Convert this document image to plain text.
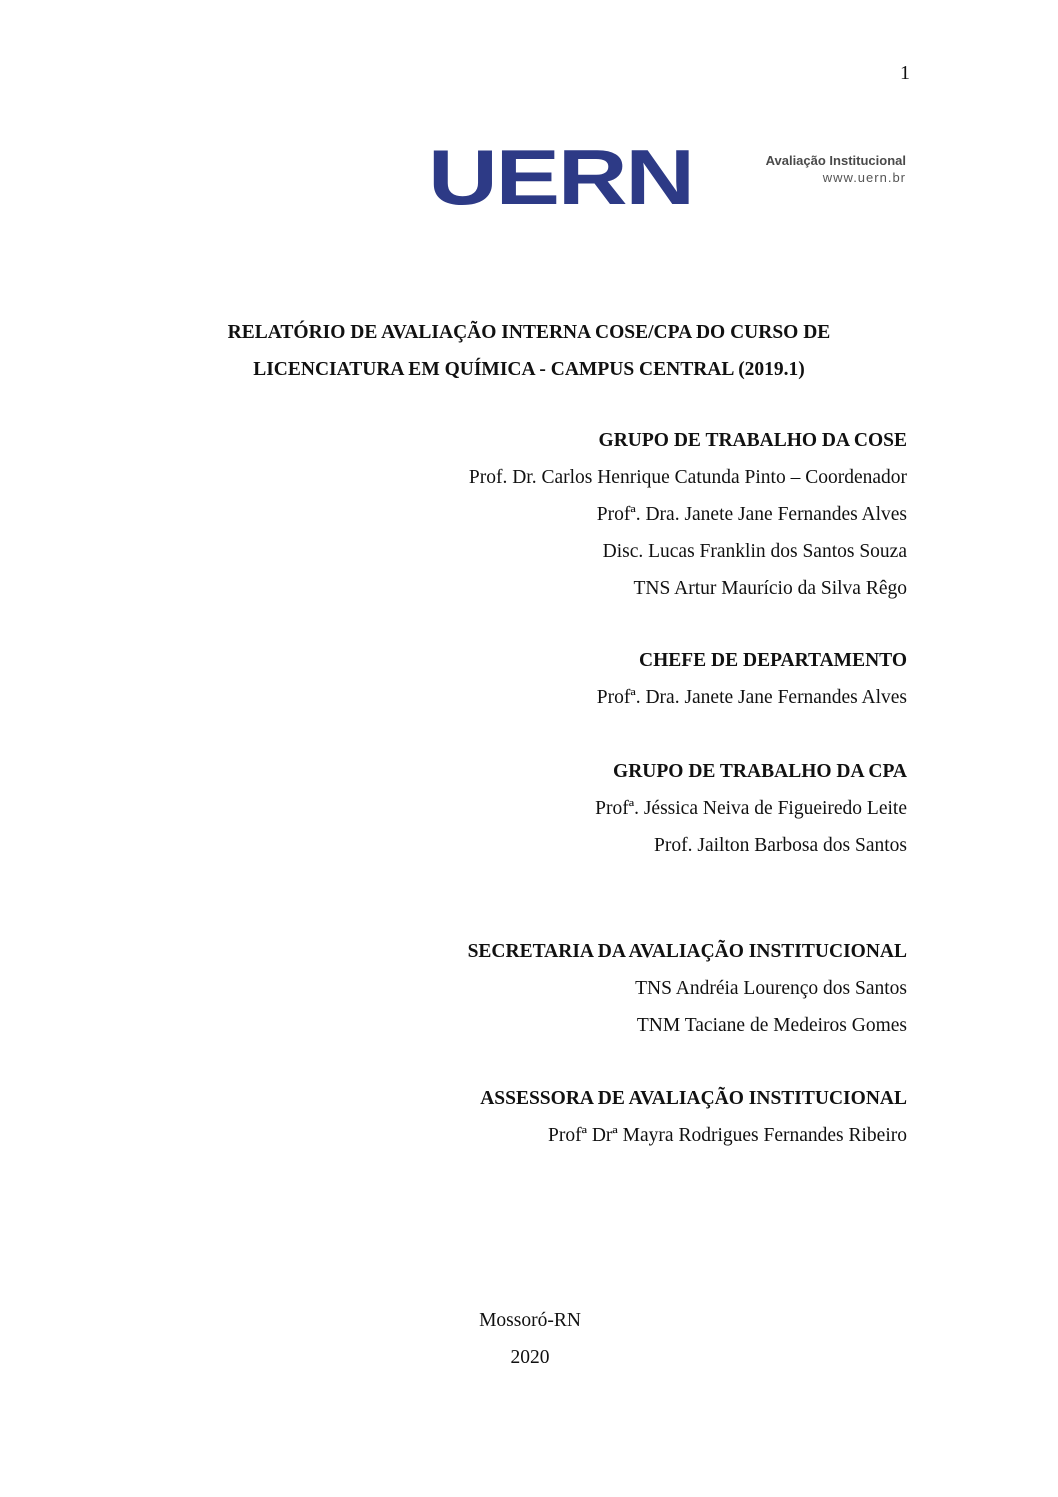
1
UERN	Avaliação Institucional
www.uern.br
RELATÓRIO DE AVALIAÇÃO INTERNA COSE/CPA DO CURSO DE
LICENCIATURA EM QUÍMICA - CAMPUS CENTRAL (2019.1)
GRUPO DE TRABALHO DA COSE
Prof. Dr. Carlos Henrique Catunda Pinto – Coordenador
Profª. Dra. Janete Jane Fernandes Alves
Disc. Lucas Franklin dos Santos Souza
TNS Artur Maurício da Silva Rêgo
CHEFE DE DEPARTAMENTO
Profª. Dra. Janete Jane Fernandes Alves
GRUPO DE TRABALHO DA CPA
Profª. Jéssica Neiva de Figueiredo Leite
Prof. Jailton Barbosa dos Santos
SECRETARIA DA AVALIAÇÃO INSTITUCIONAL
TNS Andréia Lourenço dos Santos
TNM Taciane de Medeiros Gomes
ASSESSORA DE AVALIAÇÃO INSTITUCIONAL
Profª Drª Mayra Rodrigues Fernandes Ribeiro
Mossoró-RN
2020
